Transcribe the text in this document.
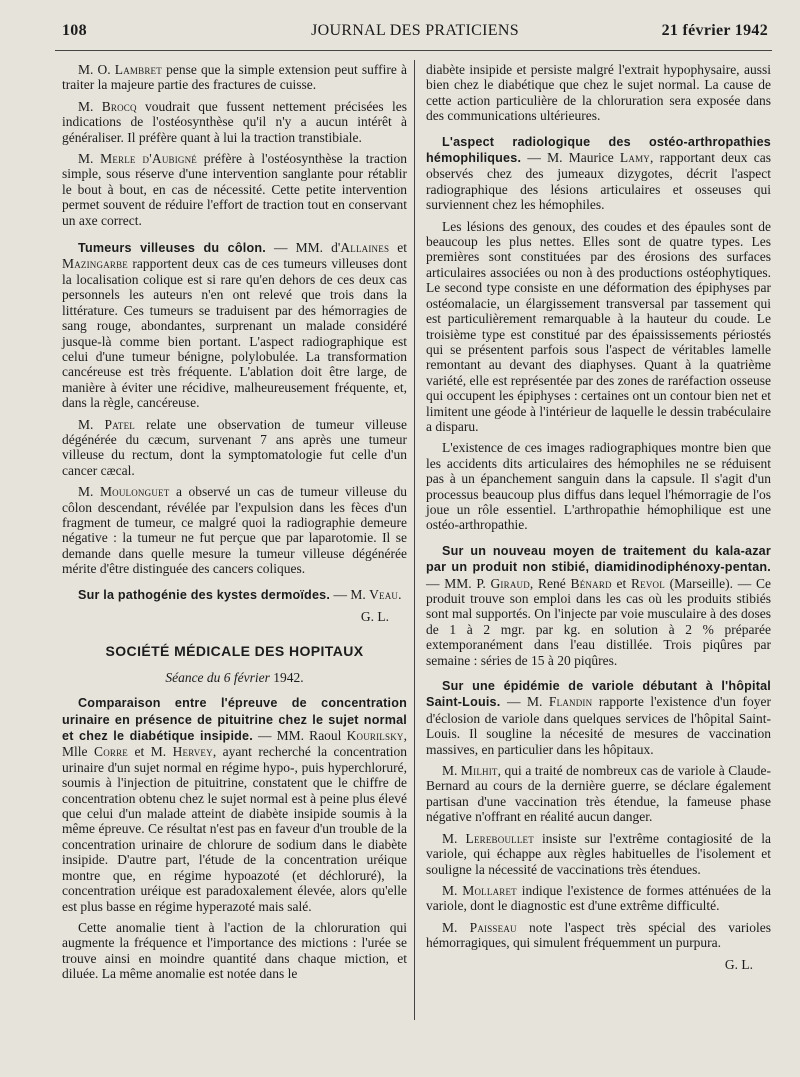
108	JOURNAL DES PRATICIENS	21 février 1942

M. O. Lambret pense que la simple extension peut suffire à traiter la majeure partie des fractures de cuisse.

M. Brocq voudrait que fussent nettement précisées les indications de l'ostéosynthèse qu'il n'y a aucun intérêt à généraliser. Il préfère quant à lui la traction transtibiale.

M. Merle d'Aubigné préfère à l'ostéosynthèse la traction simple, sous réserve d'une intervention sanglante pour rétablir le bout à bout, en cas de nécessité. Cette petite intervention permet souvent de réduire l'effort de traction tout en conservant un axe correct.

Tumeurs villeuses du côlon. — MM. d'Allaines et Mazingarbe rapportent deux cas de ces tumeurs villeuses dont la localisation colique est si rare qu'en dehors de ces deux cas personnels les auteurs n'en ont relevé que trois dans la littérature. Ces tumeurs se traduisent par des hémorragies de sang rouge, abondantes, surprenant un malade considéré jusque-là comme bien portant. L'aspect radiographique est celui d'une tumeur bénigne, polylobulée. La transformation cancéreuse est très fréquente. L'ablation doit être large, de manière à éviter une récidive, malheureusement fréquente, et, dans la règle, cancéreuse.

M. Patel relate une observation de tumeur villeuse dégénérée du cæcum, survenant 7 ans après une tumeur villeuse du rectum, dont la symptomatologie fut celle d'un cancer cæcal.

M. Moulonguet a observé un cas de tumeur villeuse du côlon descendant, révélée par l'expulsion dans les fèces d'un fragment de tumeur, ce malgré quoi la radiographie demeure négative : la tumeur ne fut perçue que par laparotomie. Il se demande dans quelle mesure la tumeur villeuse dégénérée mérite d'être distinguée des cancers coliques.

Sur la pathogénie des kystes dermoïdes. — M. Veau.

G. L.

SOCIÉTÉ MÉDICALE DES HOPITAUX

Séance du 6 février 1942.

Comparaison entre l'épreuve de concentration urinaire en présence de pituitrine chez le sujet normal et chez le diabétique insipide. — MM. Raoul Kourilsky, Mlle Corre et M. Hervey, ayant recherché la concentration urinaire d'un sujet normal en régime hypo-, puis hyperchloruré, soumis à l'injection de pituitrine, constatent que le chiffre de concentration obtenu chez le sujet normal est à peine plus élevé que celui d'un malade atteint de diabète insipide soumis à la même épreuve. Ce résultat n'est pas en faveur d'un trouble de la concentration urinaire de chlorure de sodium dans le diabète insipide. D'autre part, l'étude de la concentration uréique montre que, en régime hypoazoté (et déchloruré), la concentration uréique est paradoxalement élevée, alors qu'elle est plus basse en régime hyperazoté mais salé.

Cette anomalie tient à l'action de la chloruration qui augmente la fréquence et l'importance des mictions : l'urée se trouve ainsi en moindre quantité dans chaque miction, et diluée. La même anomalie est notée dans le

diabète insipide et persiste malgré l'extrait hypophysaire, aussi bien chez le diabétique que chez le sujet normal. La cause de cette action particulière de la chloruration sera exposée dans des communications ultérieures.

L'aspect radiologique des ostéo-arthropathies hémophiliques. — M. Maurice Lamy, rapportant deux cas observés chez des jumeaux dizygotes, décrit l'aspect radiographique des lésions articulaires et osseuses qui surviennent chez les hémophiles.

Les lésions des genoux, des coudes et des épaules sont de beaucoup les plus nettes. Elles sont de quatre types. Les premières sont constituées par des érosions des surfaces articulaires associées ou non à des productions ostéophytiques. Le second type consiste en une déformation des épiphyses par ostéomalacie, un élargissement transversal par tassement qui est particulièrement remarquable à la hauteur du coude. Le troisième type est constitué par des épaississements périostés qui se présentent parfois sous l'aspect de véritables lamelle remontant au devant des diaphyses. Quant à la quatrième variété, elle est représentée par des zones de raréfaction osseuse qui occupent les épiphyses : certaines ont un contour bien net et limitent une géode à l'intérieur de laquelle le dessin trabéculaire a disparu.

L'existence de ces images radiographiques montre bien que les accidents dits articulaires des hémophiles ne se réduisent pas à un épanchement sanguin dans la capsule. Il s'agit d'un processus beaucoup plus diffus dans lequel l'hémorragie de l'os joue un rôle essentiel. L'arthropathie hémophilique est une ostéo-arthropathie.

Sur un nouveau moyen de traitement du kala-azar par un produit non stibié, diamidinodiphénoxy-pentan. — MM. P. Giraud, René Bénard et Revol (Marseille). — Ce produit trouve son emploi dans les cas où les produits stibiés sont mal supportés. On l'injecte par voie musculaire à des doses de 1 à 2 mgr. par kg. en solution à 2 % préparée extemporanément dans l'eau distillée. Trois piqûres par semaine : séries de 15 à 20 piqûres.

Sur une épidémie de variole débutant à l'hôpital Saint-Louis. — M. Flandin rapporte l'existence d'un foyer d'éclosion de variole dans quelques services de l'hôpital Saint-Louis. Il sougline la nécesité de mesures de vaccination massives, en particulier dans les hôpitaux.

M. Milhit, qui a traité de nombreux cas de variole à Claude-Bernard au cours de la dernière guerre, se déclare également partisan d'une vaccination très étendue, la fameuse phase négative n'offrant en réalité aucun danger.

M. Lereboullet insiste sur l'extrême contagiosité de la variole, qui échappe aux règles habituelles de l'isolement et souligne la nécessité de vaccinations très étendues.

M. Mollaret indique l'existence de formes atténuées de la variole, dont le diagnostic est d'une extrême difficulté.

M. Paisseau note l'aspect très spécial des varioles hémorragiques, qui simulent fréquemment un purpura.

G. L.
